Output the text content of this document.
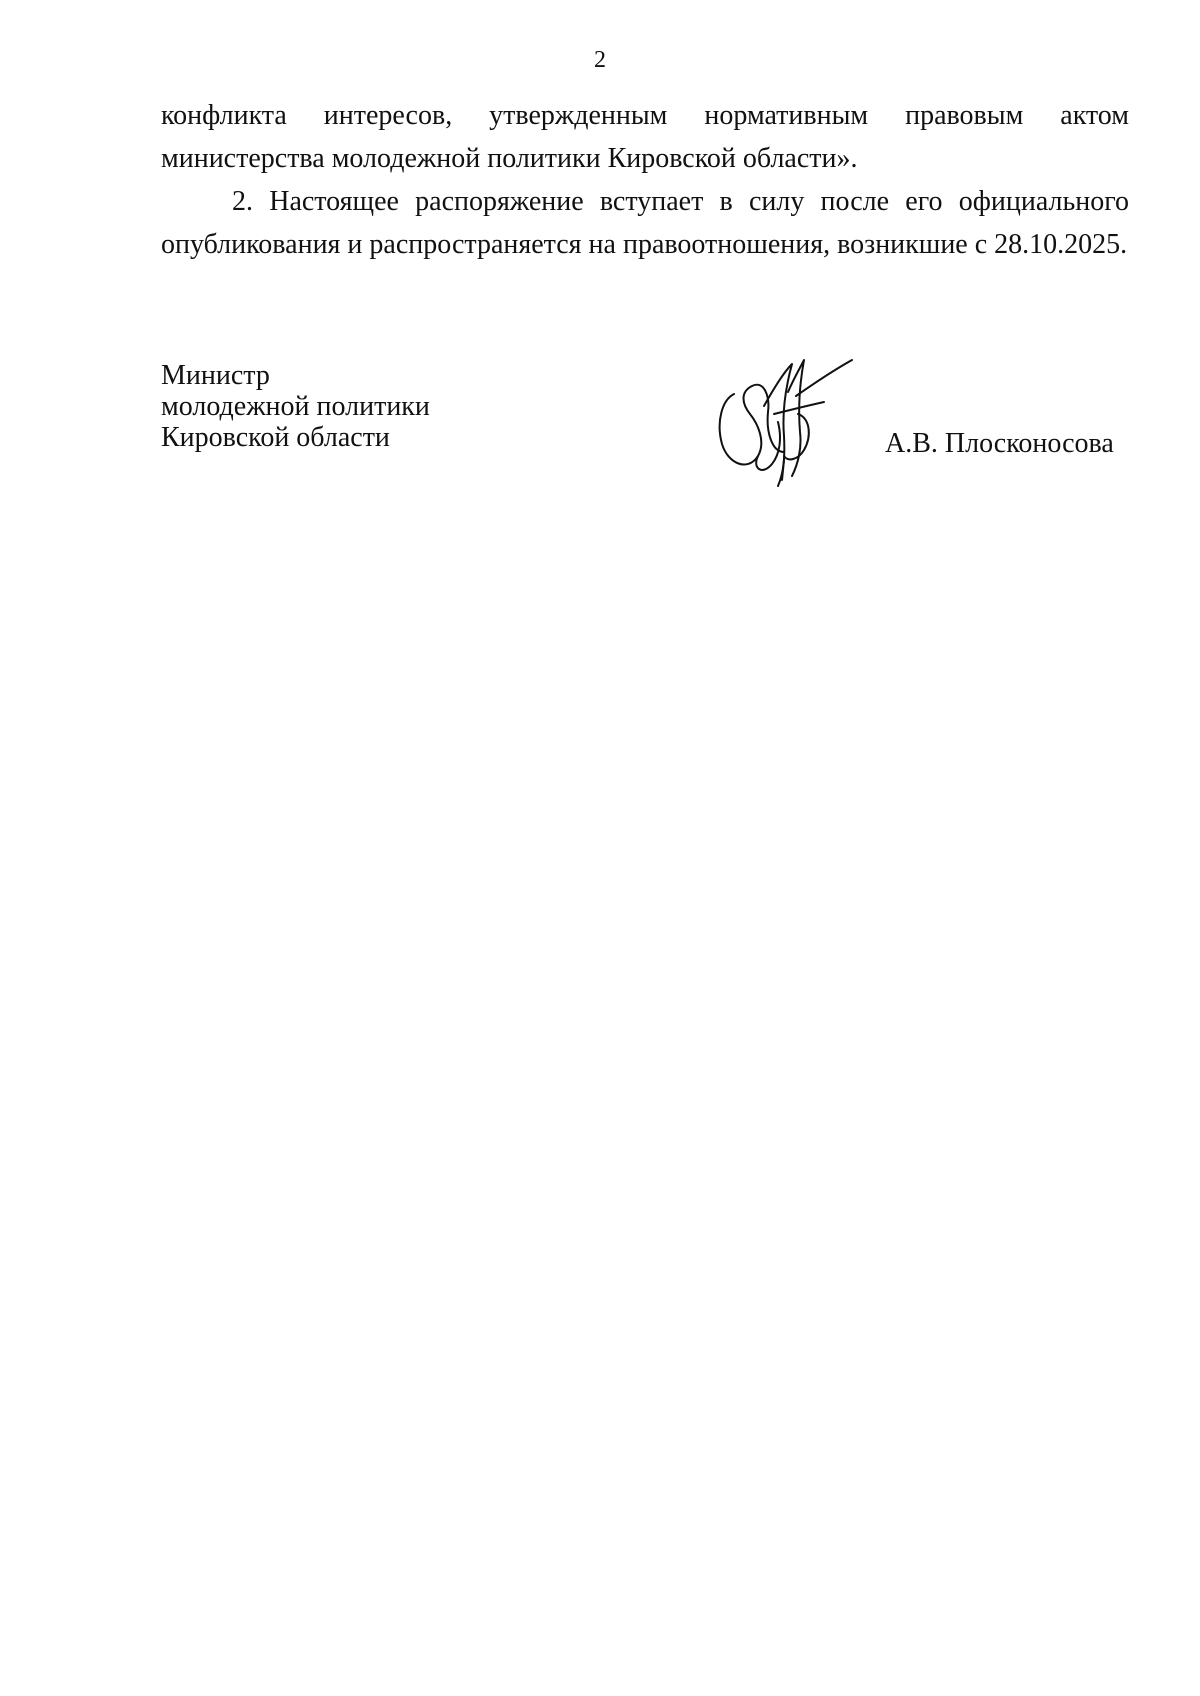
2

конфликта интересов, утвержденным нормативным правовым актом министерства молодежной политики Кировской области».

2. Настоящее распоряжение вступает в силу после его официального опубликования и распространяется на правоотношения, возникшие с 28.10.2025.

Министр
молодежной политики
Кировской области	А.В. Плосконосова
